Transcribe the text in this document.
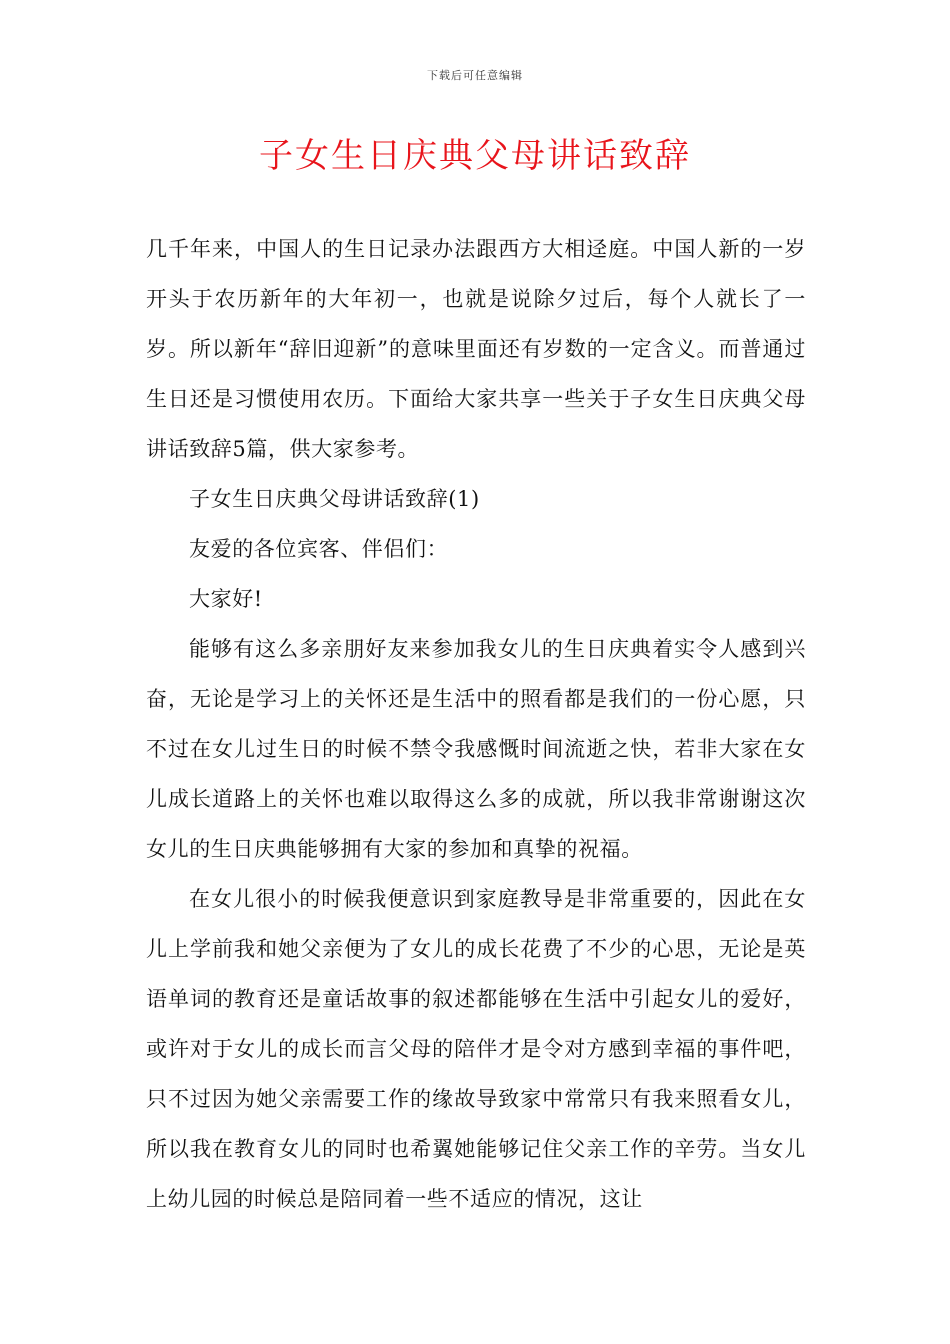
下载后可任意编辑
子女生日庆典父母讲话致辞

几千年来，中国人的生日记录办法跟西方大相迳庭。中国人新的一岁开头于农历新年的大年初一，也就是说除夕过后，每个人就长了一岁。所以新年“辞旧迎新”的意味里面还有岁数的一定含义。而普通过生日还是习惯使用农历。下面给大家共享一些关于子女生日庆典父母讲话致辞5篇，供大家参考。

子女生日庆典父母讲话致辞(1)

友爱的各位宾客、伴侣们：

大家好!

能够有这么多亲朋好友来参加我女儿的生日庆典着实令人感到兴奋，无论是学习上的关怀还是生活中的照看都是我们的一份心愿，只不过在女儿过生日的时候不禁令我感慨时间流逝之快，若非大家在女儿成长道路上的关怀也难以取得这么多的成就，所以我非常谢谢这次女儿的生日庆典能够拥有大家的参加和真挚的祝福。

在女儿很小的时候我便意识到家庭教导是非常重要的，因此在女儿上学前我和她父亲便为了女儿的成长花费了不少的心思，无论是英语单词的教育还是童话故事的叙述都能够在生活中引起女儿的爱好，或许对于女儿的成长而言父母的陪伴才是令对方感到幸福的事件吧，只不过因为她父亲需要工作的缘故导致家中常常只有我来照看女儿，所以我在教育女儿的同时也希翼她能够记住父亲工作的辛劳。当女儿上幼儿园的时候总是陪同着一些不适应的情况，这让
